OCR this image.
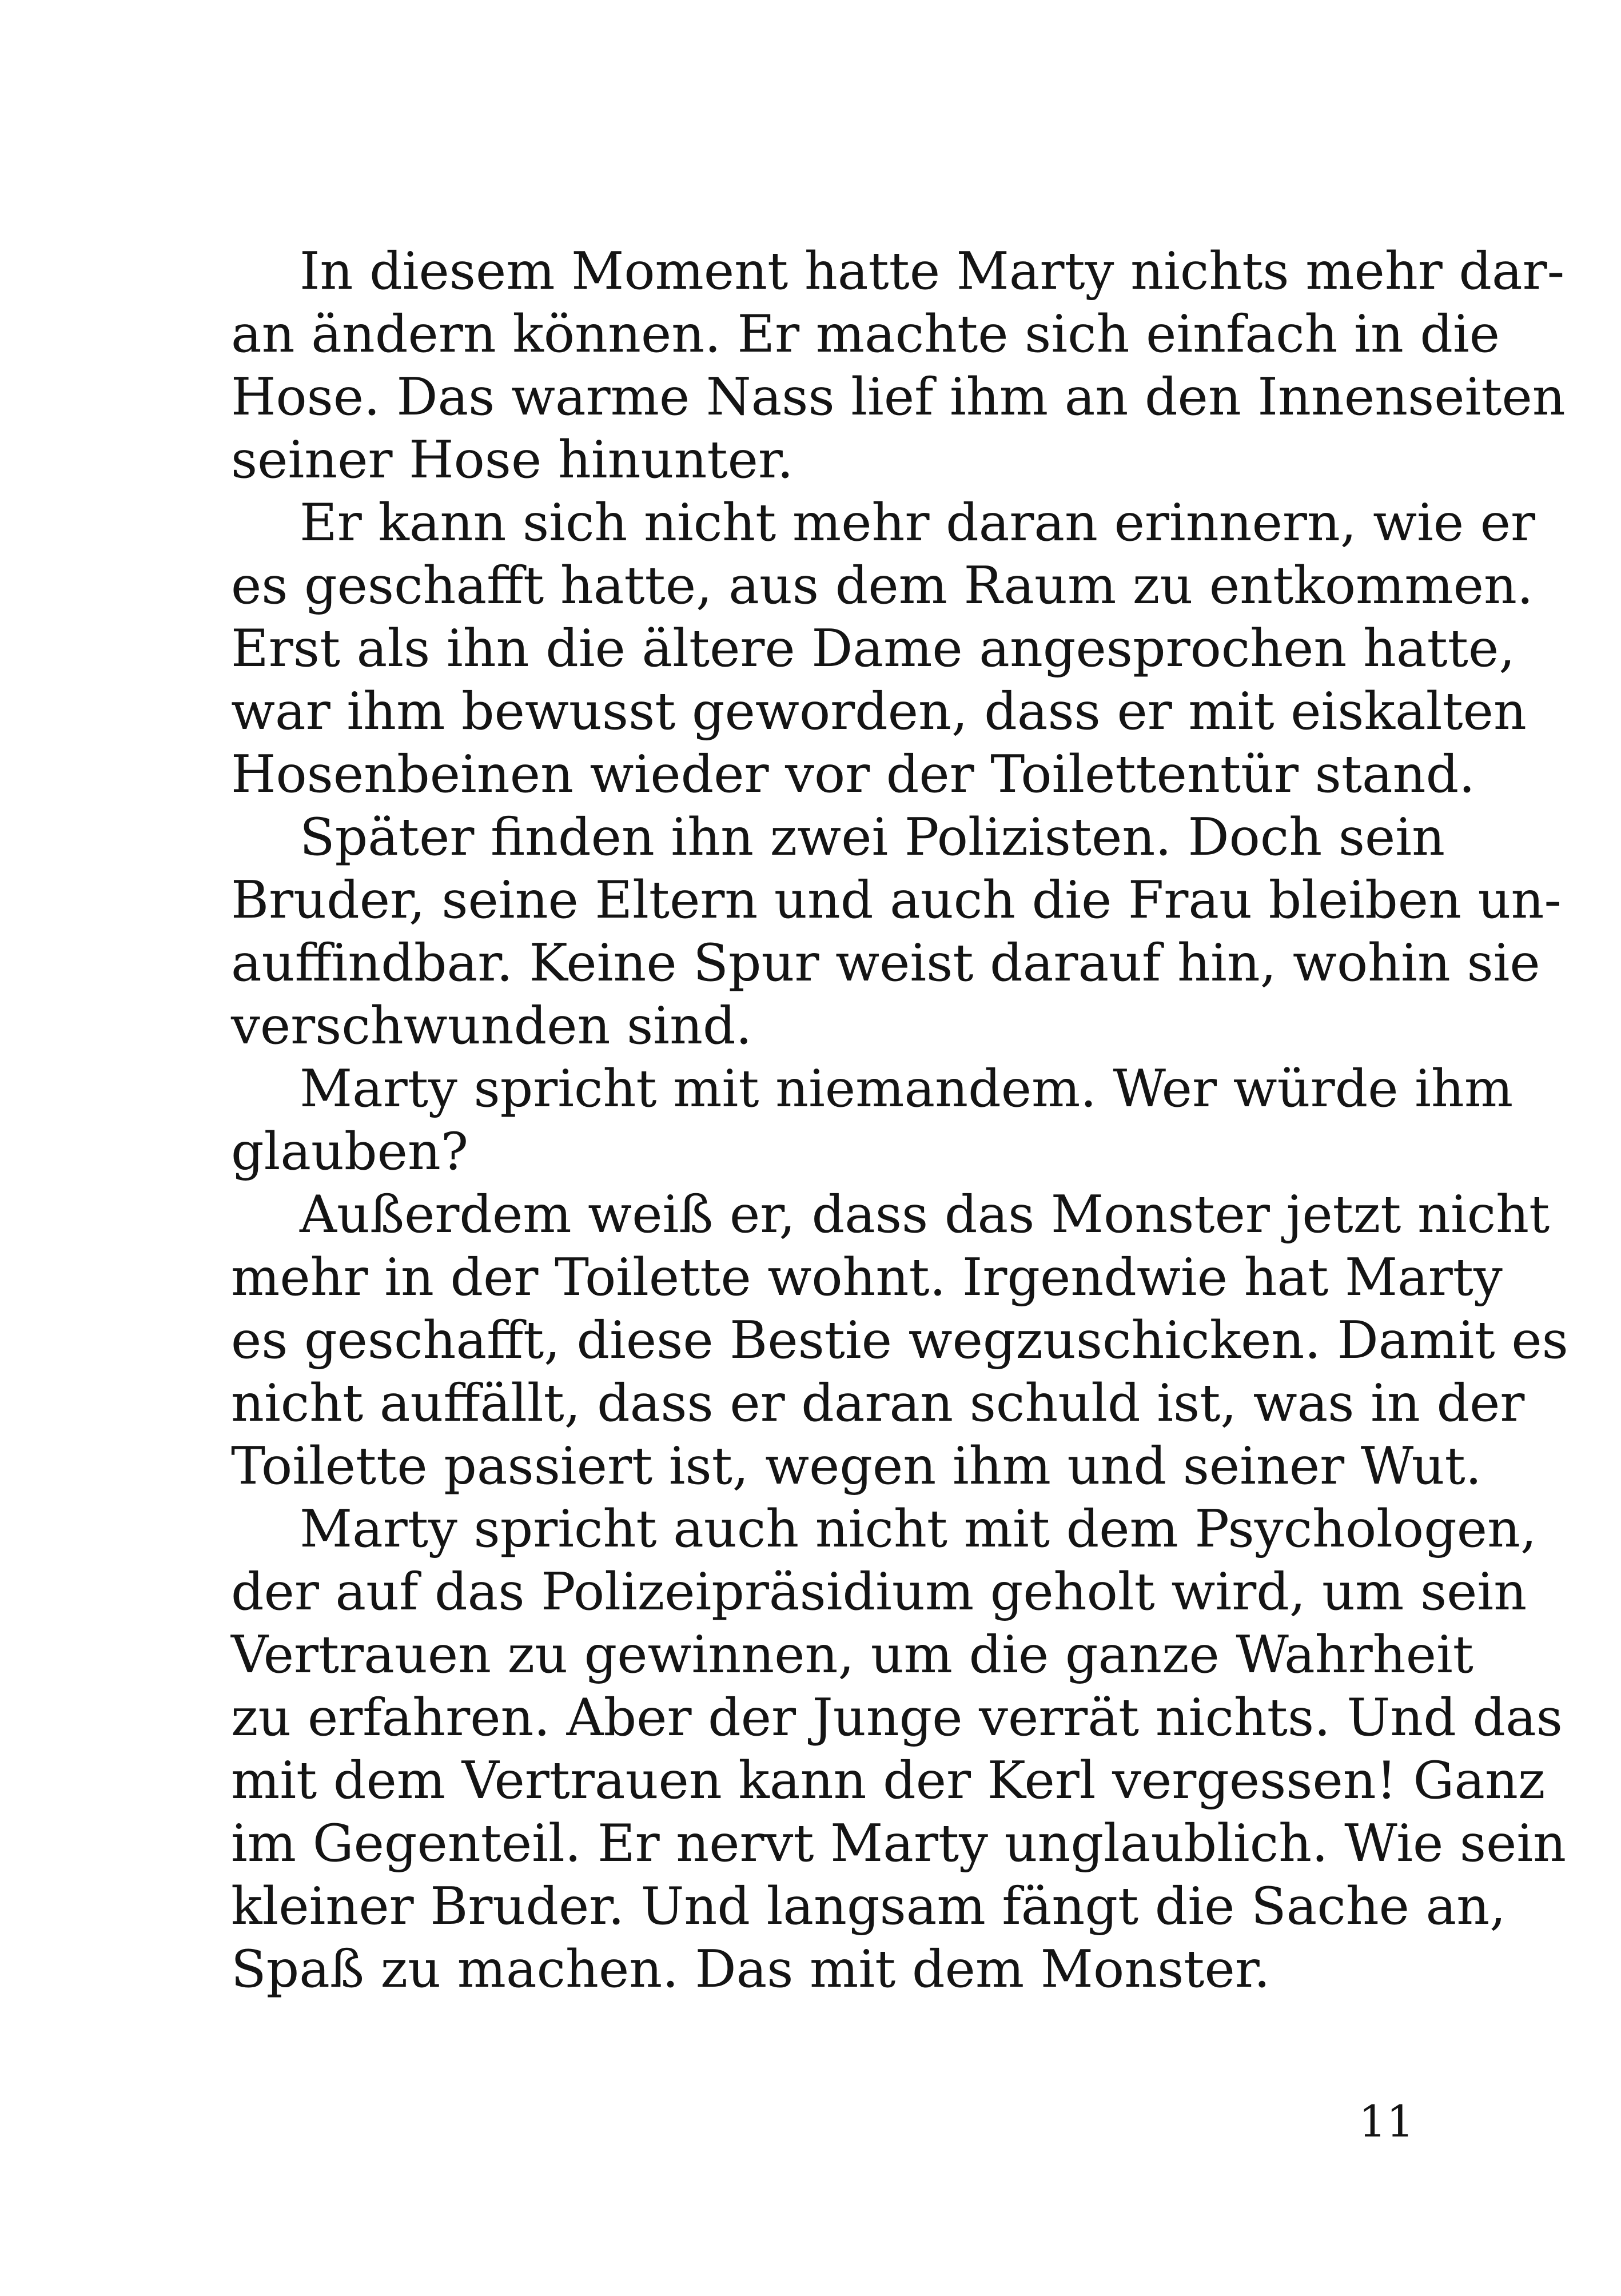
In diesem Moment hatte Marty nichts mehr dar-
an ändern können. Er machte sich einfach in die
Hose. Das warme Nass lief ihm an den Innenseiten
seiner Hose hinunter.
Er kann sich nicht mehr daran erinnern, wie er
es geschafft hatte, aus dem Raum zu entkommen.
Erst als ihn die ältere Dame angesprochen hatte,
war ihm bewusst geworden, dass er mit eiskalten
Hosenbeinen wieder vor der Toilettentür stand.
Später finden ihn zwei Polizisten. Doch sein
Bruder, seine Eltern und auch die Frau bleiben un-
auffindbar. Keine Spur weist darauf hin, wohin sie
verschwunden sind.
Marty spricht mit niemandem. Wer würde ihm
glauben?
Außerdem weiß er, dass das Monster jetzt nicht
mehr in der Toilette wohnt. Irgendwie hat Marty
es geschafft, diese Bestie wegzuschicken. Damit es
nicht auffällt, dass er daran schuld ist, was in der
Toilette passiert ist, wegen ihm und seiner Wut.
Marty spricht auch nicht mit dem Psychologen,
der auf das Polizeipräsidium geholt wird, um sein
Vertrauen zu gewinnen, um die ganze Wahrheit
zu erfahren. Aber der Junge verrät nichts. Und das
mit dem Vertrauen kann der Kerl vergessen! Ganz
im Gegenteil. Er nervt Marty unglaublich. Wie sein
kleiner Bruder. Und langsam fängt die Sache an,
Spaß zu machen. Das mit dem Monster.
11
